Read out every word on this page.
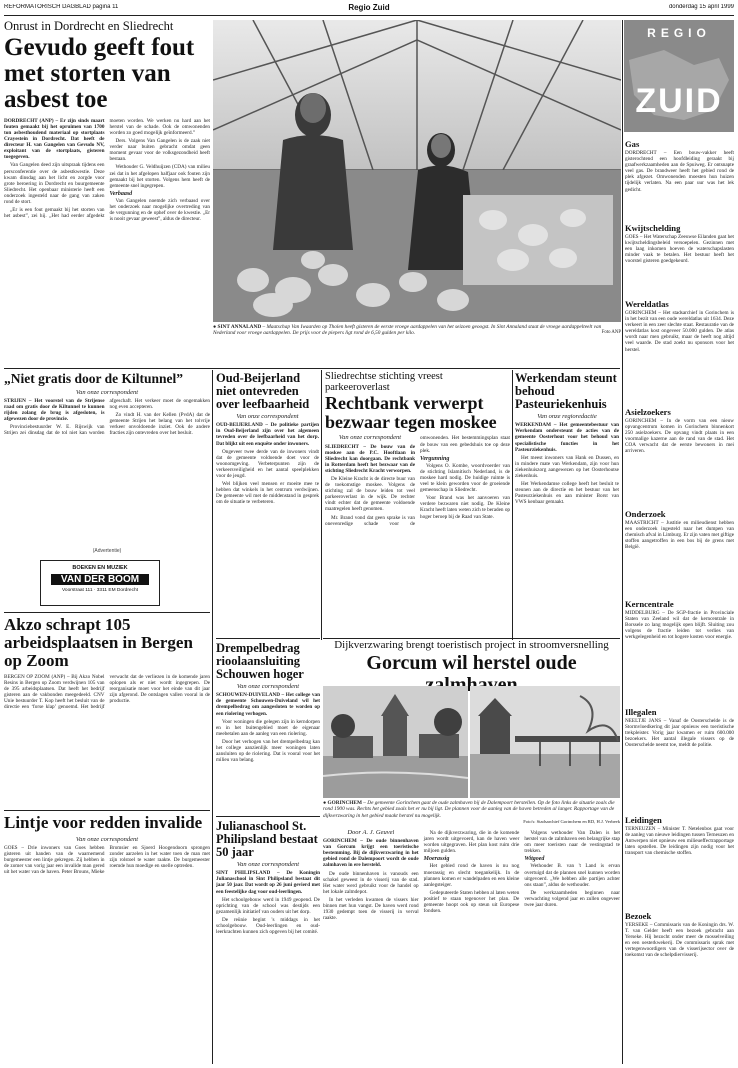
REFORMATORISCH DAGBLAD pagina 11	Regio Zuid	donderdag 15 april 1999
Onrust in Dordrecht en Sliedrecht
Gevudo geeft fout met storten van asbest toe

DORDRECHT (ANP) – Er zijn sinds maart fouten gemaakt bij het opruimen van 1700 ton asbesthoudend materiaal op stortplaats Crayestein in Dordrecht. Dat heeft de directeur H. van Gangelen van Gevudo NV, exploitant van de stortplaats, gisteren toegegeven.

Van Gangelen deed zijn uitspraak tijdens een persconferentie over de asbestkwestie. Deze kwam dinsdag aan het licht en zorgde voor grote beroering in Dordrecht en buurgemeente Sliedrecht. Het openbaar ministerie heeft een onderzoek ingesteld naar de gang van zaken rond de stort.

„Er is een fout gemaakt bij het storten van het asbest”, zei hij. „Het had eerder afgedekt moeten worden. We werken nu hard aan het herstel van de schade. Ook de omwonenden worden zo goed mogelijk geïnformeerd.”

Ders. Volgens Van Gangelen is de zaak niet verder naar buiten gebracht omdat geen moment gevaar voor de volksgezondheid heeft bestaan.

Wethouder G. Veldhuijzen (CDA) van milieu zei dat in het afgelopen halfjaar ook fouten zijn gemaakt bij het storten. Volgens hem heeft de gemeente snel ingegrepen.

Verbaasd

Van Gangelen noemde zich verbaasd over het onderzoek naar mogelijke overtreding van de vergunning en de ophef over de kwestie. „Er is nooit gevaar geweest”, aldus de directeur.

● SINT ANNALAND – Maatschap Van Iwaarden op Tholen heeft gisteren de eerste vroege aardappelen van het seizoen geoogst. In Sint Annaland staat de vroege aardappelteelt van Nederland voor vroege aardappelen. De prijs voor de piepers ligt rond de 6,50 gulden per kilo.	Foto ANP
REGIO
ZUID
Gas
DORDRECHT – Een bouw-vakker heeft gisterochtend een hoofdleiding geraakt bij graafwerkzaamheden aan de Spuiweg. Er ontsnapte veel gas. De brandweer heeft het gebied rond de plek afgezet. Omwonenden moesten hun huizen tijdelijk verlaten. Na een paar uur was het lek gedicht.
Kwijtschelding
GOES – Het Waterschap Zeeuwse Eilanden gaat het kwijtscheldingsbeleid versoepelen. Gezinnen met een laag inkomen hoeven de waterschapslasten minder vaak te betalen. Het bestuur heeft het voorstel gisteren goedgekeurd.
Wereldatlas
GORINCHEM – Het stadsarchief in Gorinchem is in het bezit van een oude wereldatlas uit 1634. Deze verkeert in een zeer slechte staat. Restauratie van de wereldatlas kost ongeveer 50.000 gulden. De atlas wordt naar men gebruikt, maar de heeft nog altijd veel waarde. De stad zoekt nu sponsors voor het herstel.
Asielzoekers
GORINCHEM – In de vorm van een nieuw opvangcentrum komen in Gorinchem binnenkort 250 asielzoekers. De opvang vindt plaats in een voormalige kazerne aan de rand van de stad. Het COA verwacht dat de eerste bewoners in mei arriveren.
Onderzoek
MAASTRICHT – Justitie en milieudienst hebben een onderzoek ingesteld naar het dumpen van chemisch afval in Limburg. Er zijn vaten met giftige stoffen aangetroffen in een bos bij de grens met België.
Kerncentrale
MIDDELBURG – De SGP-fractie in Provinciale Staten van Zeeland wil dat de kerncentrale in Borssele zo lang mogelijk open blijft. Sluiting zou volgens de fractie leiden tot verlies van werkgelegenheid en tot hogere kosten voor energie.
Illegalen
NEELTJE JANS – Vanaf de Oosterschelde is de Stormvloedkering dit jaar opnieuw een toeristische trekpleister. Vorig jaar kwamen er ruim 600.000 bezoekers. Het aantal illegale vissers op de Oosterschelde neemt toe, meldt de politie.
Leidingen
TERNEUZEN – Minister T. Netelenbos gaat voor de aanleg van nieuwe leidingen tussen Terneuzen en Antwerpen niet opnieuw een milieueffectrapportage laten opstellen. De leidingen zijn nodig voor het transport van chemische stoffen.
Bezoek
YERSEKE – Commissaris van de Koningin drs. W. T. van Gelder heeft een bezoek gebracht aan Yerseke. Hij bezocht onder meer de mosselveiling en een oesterkwekerij. De commissaris sprak met vertegenwoordigers van de visserijsector over de toekomst van de schelpdiervisserij.
„Niet gratis door de Kiltunnel”
Van onze correspondent

STRIJEN – Het voorstel van de Strijense raad om gratis door de Kiltunnel te kunnen rijden zolang de brug is afgesloten, is afgewezen door de provincie.

Provinciebestuurder W. E. Rijswijk van Strijen zei dinsdag dat de tol niet kan worden afgeschaft. Het verkeer moet de ongemakken nog even accepteren.

Zo vindt H. van der Kellen (PvdA) dat de gemeente Strijen het belang van het tolvrije verkeer onvoldoende inziet. Ook de andere fracties zijn ontevreden over het besluit.

(Advertentie)
BOEKEN EN MUZIEK
VAN DER BOOM
Voorstraat 111 · 3311 EM Dordrecht
Akzo schrapt 105 arbeidsplaatsen in Bergen op Zoom
BERGEN OP ZOOM (ANP) – Bij Akzo Nobel Resins in Bergen op Zoom verdwijnen 105 van de 395 arbeidsplaatsen. Dat heeft het bedrijf gisteren aan de vakbonden meegedeeld. CNV Unie bestuurder T. Kop heeft het besluit van de directie een ‘forse klap’ genoemd. Het bedrijf verwacht dat de verliezen in de komende jaren oplopen als er niet wordt ingegrepen. De reorganisatie moet voor het einde van dit jaar zijn afgerond. De ontslagen vallen vooral in de productie.
Lintje voor redden invalide
Van onze correspondent
GOES – Drie inwoners van Goes hebben gisteren uit handen van de waarnemend burgemeester een lintje gekregen. Zij hebben in de zomer van vorig jaar een invalide man gered uit het water van de haven. Peter Brouns, Mieke Bromsier en Sjoerd Hoogendoorn sprongen zonder aarzelen in het water toen de man met zijn rolstoel te water raakte. De burgemeester roemde hun moedige en snelle optreden.
Oud-Beijerland niet ontevreden over leefbaarheid
Van onze correspondent

OUD-BEIJERLAND – De politieke partijen in Oud-Beijerland zijn over het algemeen tevreden over de leefbaarheid van het dorp. Dat blijkt uit een enquête onder inwoners.

Ongeveer twee derde van de inwoners vindt dat de gemeente voldoende doet voor de woonomgeving. Verbeterpunten zijn de verkeersveiligheid en het aantal speelplekken voor de jeugd.

Wel blijken veel mensen er moeite mee te hebben dat winkels in het centrum verdwijnen. De gemeente wil met de middenstand in gesprek om de situatie te verbeteren.

Sliedrechtse stichting vreest parkeeroverlast
Rechtbank verwerpt bezwaar tegen moskee
Van onze correspondent

SLIEDRECHT – De bouw van de moskee aan de P.C. Hooftlaan in Sliedrecht kan doorgaan. De rechtbank in Rotterdam heeft het bezwaar van de stichting Sliedrecht Kracht verworpen.

De Kleine Kracht is de directe buur van de toekomstige moskee. Volgens de stichting zal de bouw leiden tot veel parkeeroverlast in de wijk. De rechter vindt echter dat de gemeente voldoende maatregelen heeft genomen.

Mr. Brand vond dat geen sprake is van onevenredige schade voor de omwonenden. Het bestemmingsplan staat de bouw van een gebedshuis toe op deze plek.

Vergunning

Volgens O. Kombe, woordvoerder van de stichting Islamitisch Nederland, is de moskee hard nodig. De huidige ruimte is veel te klein geworden voor de groeiende gemeenschap in Sliedrecht.

Voor Brand was het aanvoeren van verdere bezwaren niet nodig. De Kleine Kracht heeft laten weten zich te beraden op hoger beroep bij de Raad van State.

Werkendam steunt behoud Pasteuriekenhuis
Van onze regioredactie

WERKENDAM – Het gemeentebestuur van Werkendam ondersteunt de acties van de gemeente Oosterhout voor het behoud van specialistische functies in het Pasteurziekenhuis.

Het meest inwoners van Hank en Dussen, en in mindere mate van Werkendam, zijn voor hun ziekenhuiszorg aangewezen op het Oosterhoutse ziekenhuis.

Het Werkendamse college heeft het besluit te steunen aan de directie en het bestuur van het Pasteurziekenhuis en aan minister Borst van VWS kenbaar gemaakt.

Drempelbedrag rioolaansluiting Schouwen hoger
Van onze correspondent

SCHOUWEN-DUIVELAND – Het college van de gemeente Schouwen-Duiveland wil het drempelbedrag om aangesloten te worden op een riolering verhogen.

Voor woningen die gelegen zijn in kerndorpen en in het buitengebied moet de eigenaar meebetalen aan de aanleg van een riolering.

Door het verhogen van het drempelbedrag kan het college aanzienlijk meer woningen laten aansluiten op de riolering. Dat is vooral voor het milieu van belang.

Julianaschool St. Philipsland bestaat 50 jaar
Van onze correspondent

SINT PHILIPSLAND – De Koningin Julianaschool in Sint Philipsland bestaat dit jaar 50 jaar. Dat wordt op 26 juni gevierd met een feestelijke dag voor oud-leerlingen.

Het schoolgebouw werd in 1949 geopend. De oprichting van de school was destijds een gezamenlijk initiatief van ouders uit het dorp.

De reünie begint 's middags in het schoolgebouw. Oud-leerlingen en oud-leerkrachten kunnen zich opgeven bij het comité.

Dijkverzwaring brengt toeristisch project in stroomversnelling
Gorcum wil herstel oude
● GORINCHEM – De gemeente Gorinchem gaat de oude zalmhaven bij de Dalempoort herstellen. Op de foto links de situatie zoals die rond 1900 was. Rechts het gebied zoals het er nu bij ligt. De plannen voor de aanleg van de haven betreden al langer. Rapportage van de dijkverzwaring in het gebied maakt herstel nu mogelijk.
Foto's: Stadsarchief Gorinchem en RD, H.J. Verbeek
Door A. J. Geuvel

GORINCHEM – De oude binnenhaven van Gorcum krijgt een toeristische bestemming. Bij de dijkverzwaring in het gebied rond de Dalempoort wordt de oude zalmhaven in ere hersteld.

De oude binnenhaven is vanouds een schakel geweest in de visserij van de stad. Het water werd gebruikt voor de handel op het lokale zalmdepot.

In het verleden kwamen de vissers hier binnen met hun vangst. De haven werd rond 1930 gedempt toen de visserij in verval raakte.

Na de dijkverzwaring, die in de komende jaren wordt uitgevoerd, kan de haven weer worden uitgegraven. Het plan kost ruim drie miljoen gulden.

Moerassig

Het gebied rond de haven is nu nog moerassig en slecht toegankelijk. In de plannen komen er wandelpaden en een kleine aanlegsteiger.

Gedeputeerde Staten hebben al laten weten positief te staan tegenover het plan. De gemeente hoopt ook op steun uit Europese fondsen.

Volgens wethouder Van Dalen is het herstel van de zalmhaven een belangrijke stap om meer toeristen naar de vestingstad te trekken.

Witgoed

Wethouder B. van 't Land is ervan overtuigd dat de plannen snel kunnen worden uitgevoerd. „We hebben alle partijen achter ons staan”, aldus de wethouder.

De werkzaamheden beginnen naar verwachting volgend jaar en zullen ongeveer twee jaar duren.
